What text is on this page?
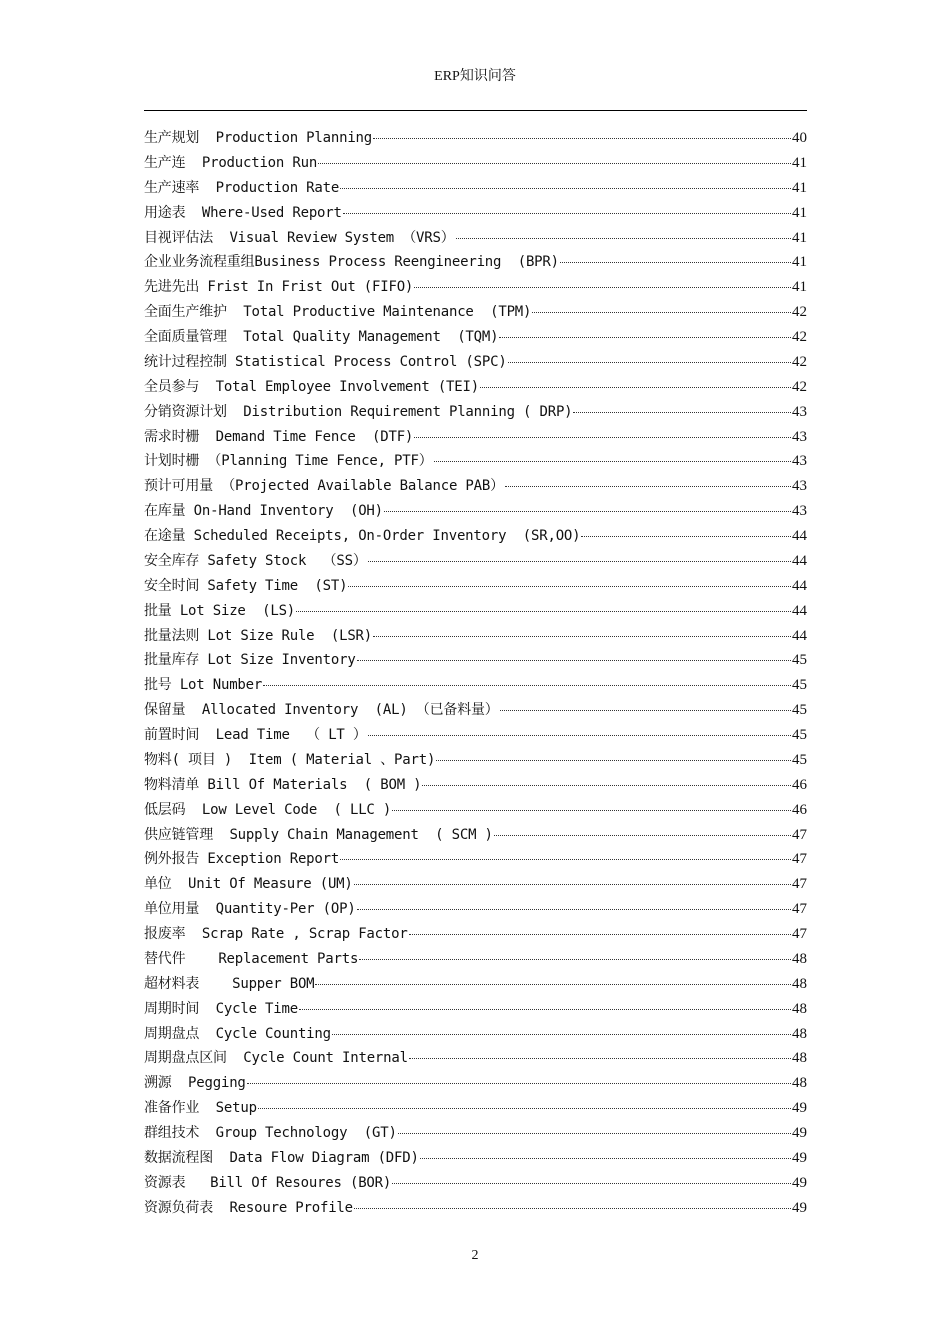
ERP知识问答
生产规划  Production Planning	40
生产连  Production Run	41
生产速率  Production Rate	41
用途表  Where-Used Report	41
目视评估法  Visual Review System （VRS）	41
企业业务流程重组Business Process Reengineering  (BPR)	41
先进先出 Frist In Frist Out (FIFO)	41
全面生产维护  Total Productive Maintenance  (TPM)	42
全面质量管理  Total Quality Management  (TQM)	42
统计过程控制 Statistical Process Control (SPC)	42
全员参与  Total Employee Involvement (TEI)	42
分销资源计划  Distribution Requirement Planning ( DRP)	43
需求时栅  Demand Time Fence  (DTF)	43
计划时栅 （Planning Time Fence, PTF）	43
预计可用量 （Projected Available Balance PAB）	43
在库量 On-Hand Inventory  (OH)	43
在途量 Scheduled Receipts, On-Order Inventory  (SR,OO)	44
安全库存 Safety Stock  （SS）	44
安全时间 Safety Time  (ST)	44
批量 Lot Size  (LS)	44
批量法则 Lot Size Rule  (LSR)	44
批量库存 Lot Size Inventory	45
批号 Lot Number	45
保留量  Allocated Inventory  (AL) （已备料量）	45
前置时间  Lead Time  （ LT ）	45
物料( 项目 )  Item ( Material 、Part)	45
物料清单 Bill Of Materials  ( BOM )	46
低层码  Low Level Code  ( LLC )	46
供应链管理  Supply Chain Management  ( SCM )	47
例外报告 Exception Report	47
单位  Unit Of Measure (UM)	47
单位用量  Quantity-Per (OP)	47
报废率  Scrap Rate , Scrap Factor	47
替代件    Replacement Parts	48
超材料表    Supper BOM	48
周期时间  Cycle Time	48
周期盘点  Cycle Counting	48
周期盘点区间  Cycle Count Internal	48
溯源  Pegging	48
准备作业  Setup	49
群组技术  Group Technology  (GT)	49
数据流程图  Data Flow Diagram (DFD)	49
资源表   Bill Of Resoures (BOR)	49
资源负荷表  Resoure Profile	49
2
